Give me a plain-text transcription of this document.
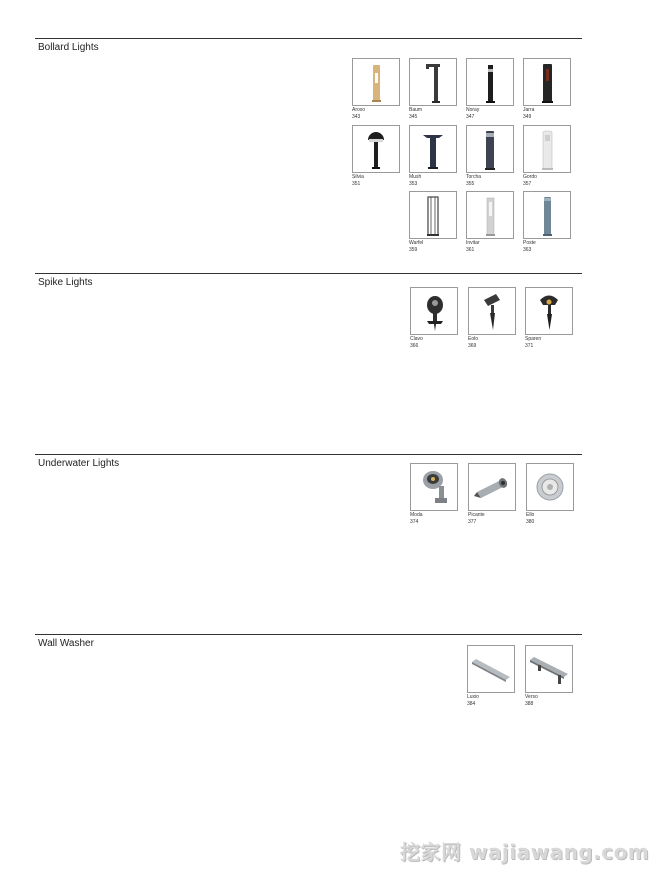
Bollard Lights
Aroxo
343
Baum
345
Noray
347
Jarra
349
Silvia
351
Mush
353
Torcha
355
Gordo
357
Warfel
359
Invitar
361
Poste
363
Spike Lights
Clavo
366
Eolo
369
Sparen
371
Underwater Lights
Moda
374
Picante
377
Ello
380
Wall Washer
Luxio
384
Verso
388
挖家网 wajiawang.com
